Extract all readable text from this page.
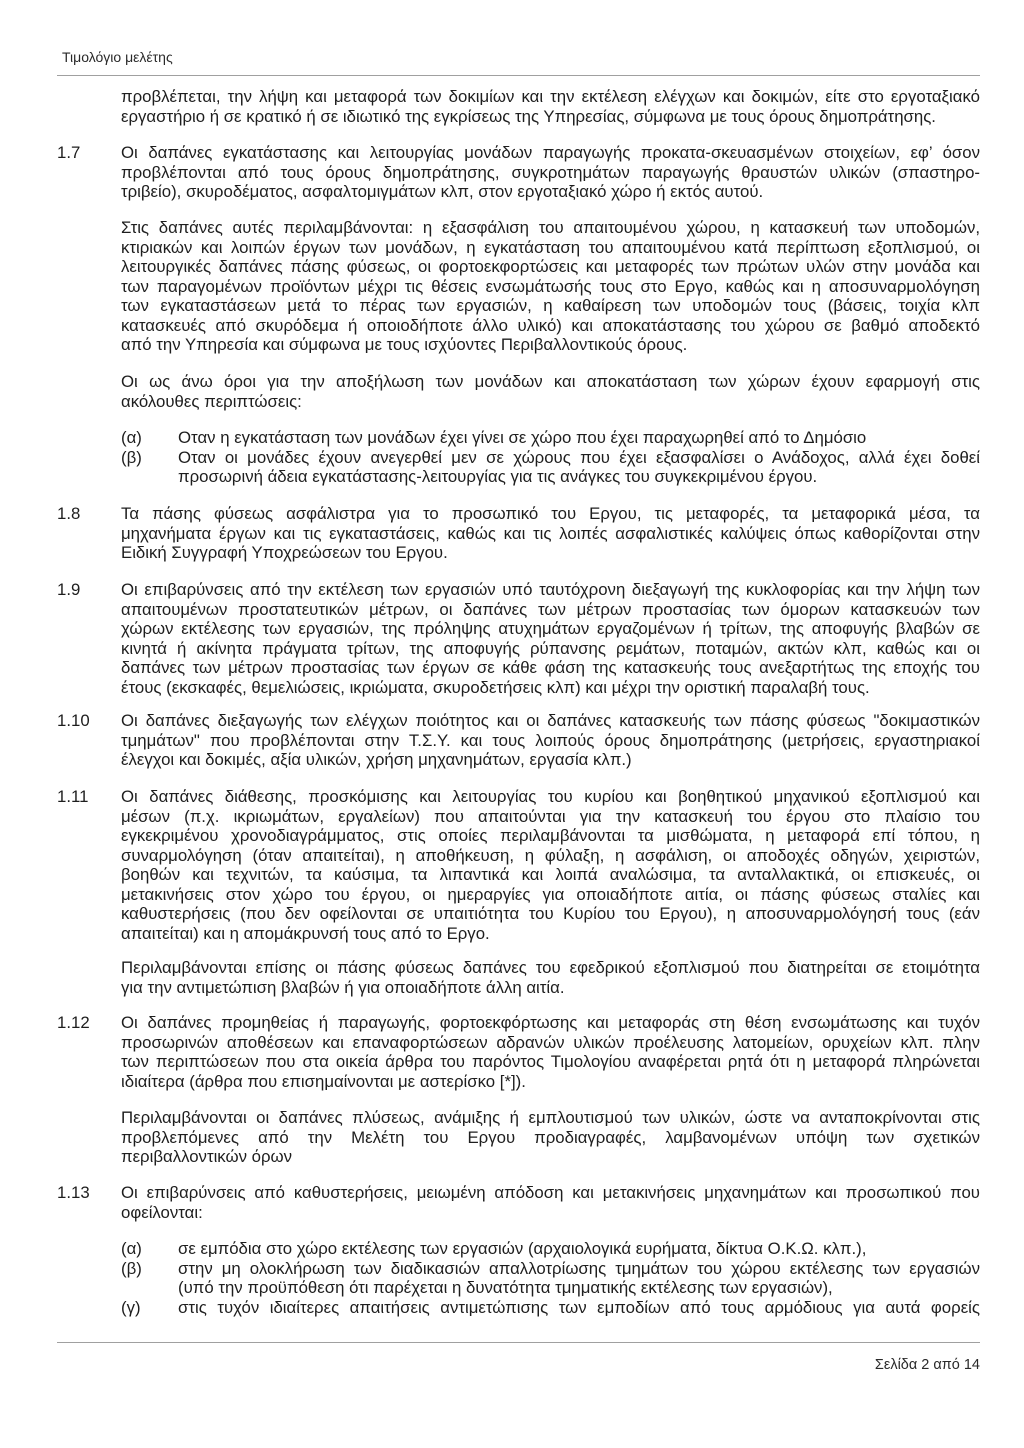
Τιμολόγιο μελέτης
προβλέπεται, την λήψη και μεταφορά των δοκιμίων και την εκτέλεση ελέγχων και δοκιμών, είτε στο εργοταξιακό
εργαστήριο ή σε κρατικό ή σε ιδιωτικό της εγκρίσεως της Υπηρεσίας, σύμφωνα με τους όρους δημοπράτησης.
1.7 Οι δαπάνες εγκατάστασης και λειτουργίας μονάδων παραγωγής προκατα-σκευασμένων στοιχείων, εφ’ όσον
προβλέπονται από τους όρους δημοπράτησης, συγκροτημάτων παραγωγής θραυστών υλικών (σπαστηρο-
τριβείο), σκυροδέματος, ασφαλτομιγμάτων κλπ, στον εργοταξιακό χώρο ή εκτός αυτού.
Στις δαπάνες αυτές περιλαμβάνονται: η εξασφάλιση του απαιτουμένου χώρου, η κατασκευή των υποδομών,
κτιριακών και λοιπών έργων των μονάδων, η εγκατάσταση του απαιτουμένου κατά περίπτωση εξοπλισμού, οι
λειτουργικές δαπάνες πάσης φύσεως, οι φορτοεκφορτώσεις και μεταφορές των πρώτων υλών στην μονάδα και
των παραγομένων προϊόντων μέχρι τις θέσεις ενσωμάτωσής τους στο Εργο, καθώς και η αποσυναρμολόγηση
των εγκαταστάσεων μετά το πέρας των εργασιών, η καθαίρεση των υποδομών τους (βάσεις, τοιχία κλπ
κατασκευές από σκυρόδεμα ή οποιοδήποτε άλλο υλικό) και αποκατάστασης του χώρου σε βαθμό αποδεκτό
από την Υπηρεσία και σύμφωνα με τους ισχύοντες Περιβαλλοντικούς όρους.
Οι ως άνω όροι για την αποξήλωση των μονάδων και αποκατάσταση των χώρων έχουν εφαρμογή στις
ακόλουθες περιπτώσεις:
(α) Οταν η εγκατάσταση των μονάδων έχει γίνει σε χώρο που έχει παραχωρηθεί από το Δημόσιο
(β) Οταν οι μονάδες έχουν ανεγερθεί μεν σε χώρους που έχει εξασφαλίσει ο Ανάδοχος, αλλά έχει δοθεί
προσωρινή άδεια εγκατάστασης-λειτουργίας για τις ανάγκες του συγκεκριμένου έργου.
1.8 Τα πάσης φύσεως ασφάλιστρα για το προσωπικό του Εργου, τις μεταφορές, τα μεταφορικά μέσα, τα
μηχανήματα έργων και τις εγκαταστάσεις, καθώς και τις λοιπές ασφαλιστικές καλύψεις όπως καθορίζονται στην
Ειδική Συγγραφή Υποχρεώσεων του Εργου.
1.9 Οι επιβαρύνσεις από την εκτέλεση των εργασιών υπό ταυτόχρονη διεξαγωγή της κυκλοφορίας και την λήψη των
απαιτουμένων προστατευτικών μέτρων, οι δαπάνες των μέτρων προστασίας των όμορων κατασκευών των
χώρων εκτέλεσης των εργασιών, της πρόληψης ατυχημάτων εργαζομένων ή τρίτων, της αποφυγής βλαβών σε
κινητά ή ακίνητα πράγματα τρίτων, της αποφυγής ρύπανσης ρεμάτων, ποταμών, ακτών κλπ, καθώς και οι
δαπάνες των μέτρων προστασίας των έργων σε κάθε φάση της κατασκευής τους ανεξαρτήτως της εποχής του
έτους (εκσκαφές, θεμελιώσεις, ικριώματα, σκυροδετήσεις κλπ) και μέχρι την οριστική παραλαβή τους.
1.10 Οι δαπάνες διεξαγωγής των ελέγχων ποιότητος και οι δαπάνες κατασκευής των πάσης φύσεως "δοκιμαστικών
τμημάτων" που προβλέπονται στην Τ.Σ.Υ. και τους λοιπούς όρους δημοπράτησης (μετρήσεις, εργαστηριακοί
έλεγχοι και δοκιμές, αξία υλικών, χρήση μηχανημάτων, εργασία κλπ.)
1.11 Οι δαπάνες διάθεσης, προσκόμισης και λειτουργίας του κυρίου και βοηθητικού μηχανικού εξοπλισμού και
μέσων (π.χ. ικριωμάτων, εργαλείων) που απαιτούνται για την κατασκευή του έργου στο πλαίσιο του
εγκεκριμένου χρονοδιαγράμματος, στις οποίες περιλαμβάνονται τα μισθώματα, η μεταφορά επί τόπου, η
συναρμολόγηση (όταν απαιτείται), η αποθήκευση, η φύλαξη, η ασφάλιση, οι αποδοχές οδηγών, χειριστών,
βοηθών και τεχνιτών, τα καύσιμα, τα λιπαντικά και λοιπά αναλώσιμα, τα ανταλλακτικά, οι επισκευές, οι
μετακινήσεις στον χώρο του έργου, οι ημεραργίες για οποιαδήποτε αιτία, οι πάσης φύσεως σταλίες και
καθυστερήσεις (που δεν οφείλονται σε υπαιτιότητα του Κυρίου του Εργου), η αποσυναρμολόγησή τους (εάν
απαιτείται) και η απομάκρυνσή τους από το Εργο.
Περιλαμβάνονται επίσης οι πάσης φύσεως δαπάνες του εφεδρικού εξοπλισμού που διατηρείται σε ετοιμότητα
για την αντιμετώπιση βλαβών ή για οποιαδήποτε άλλη αιτία.
1.12 Οι δαπάνες προμηθείας ή παραγωγής, φορτοεκφόρτωσης και μεταφοράς στη θέση ενσωμάτωσης και τυχόν
προσωρινών αποθέσεων και επαναφορτώσεων αδρανών υλικών προέλευσης λατομείων, ορυχείων κλπ. πλην
των περιπτώσεων που στα οικεία άρθρα του παρόντος Τιμολογίου αναφέρεται ρητά ότι η μεταφορά πληρώνεται
ιδιαίτερα (άρθρα που επισημαίνονται με αστερίσκο [*]).
Περιλαμβάνονται οι δαπάνες πλύσεως, ανάμιξης ή εμπλουτισμού των υλικών, ώστε να ανταποκρίνονται στις
προβλεπόμενες από την Μελέτη του Εργου προδιαγραφές, λαμβανομένων υπόψη των σχετικών
περιβαλλοντικών όρων
1.13 Οι επιβαρύνσεις από καθυστερήσεις, μειωμένη απόδοση και μετακινήσεις μηχανημάτων και προσωπικού που
οφείλονται:
(α) σε εμπόδια στο χώρο εκτέλεσης των εργασιών (αρχαιολογικά ευρήματα, δίκτυα Ο.Κ.Ω. κλπ.),
(β) στην μη ολοκλήρωση των διαδικασιών απαλλοτρίωσης τμημάτων του χώρου εκτέλεσης των εργασιών
(υπό την προϋπόθεση ότι παρέχεται η δυνατότητα τμηματικής εκτέλεσης των εργασιών),
(γ) στις τυχόν ιδιαίτερες απαιτήσεις αντιμετώπισης των εμποδίων από τους αρμόδιους για αυτά φορείς
Σελίδα 2 από 14
